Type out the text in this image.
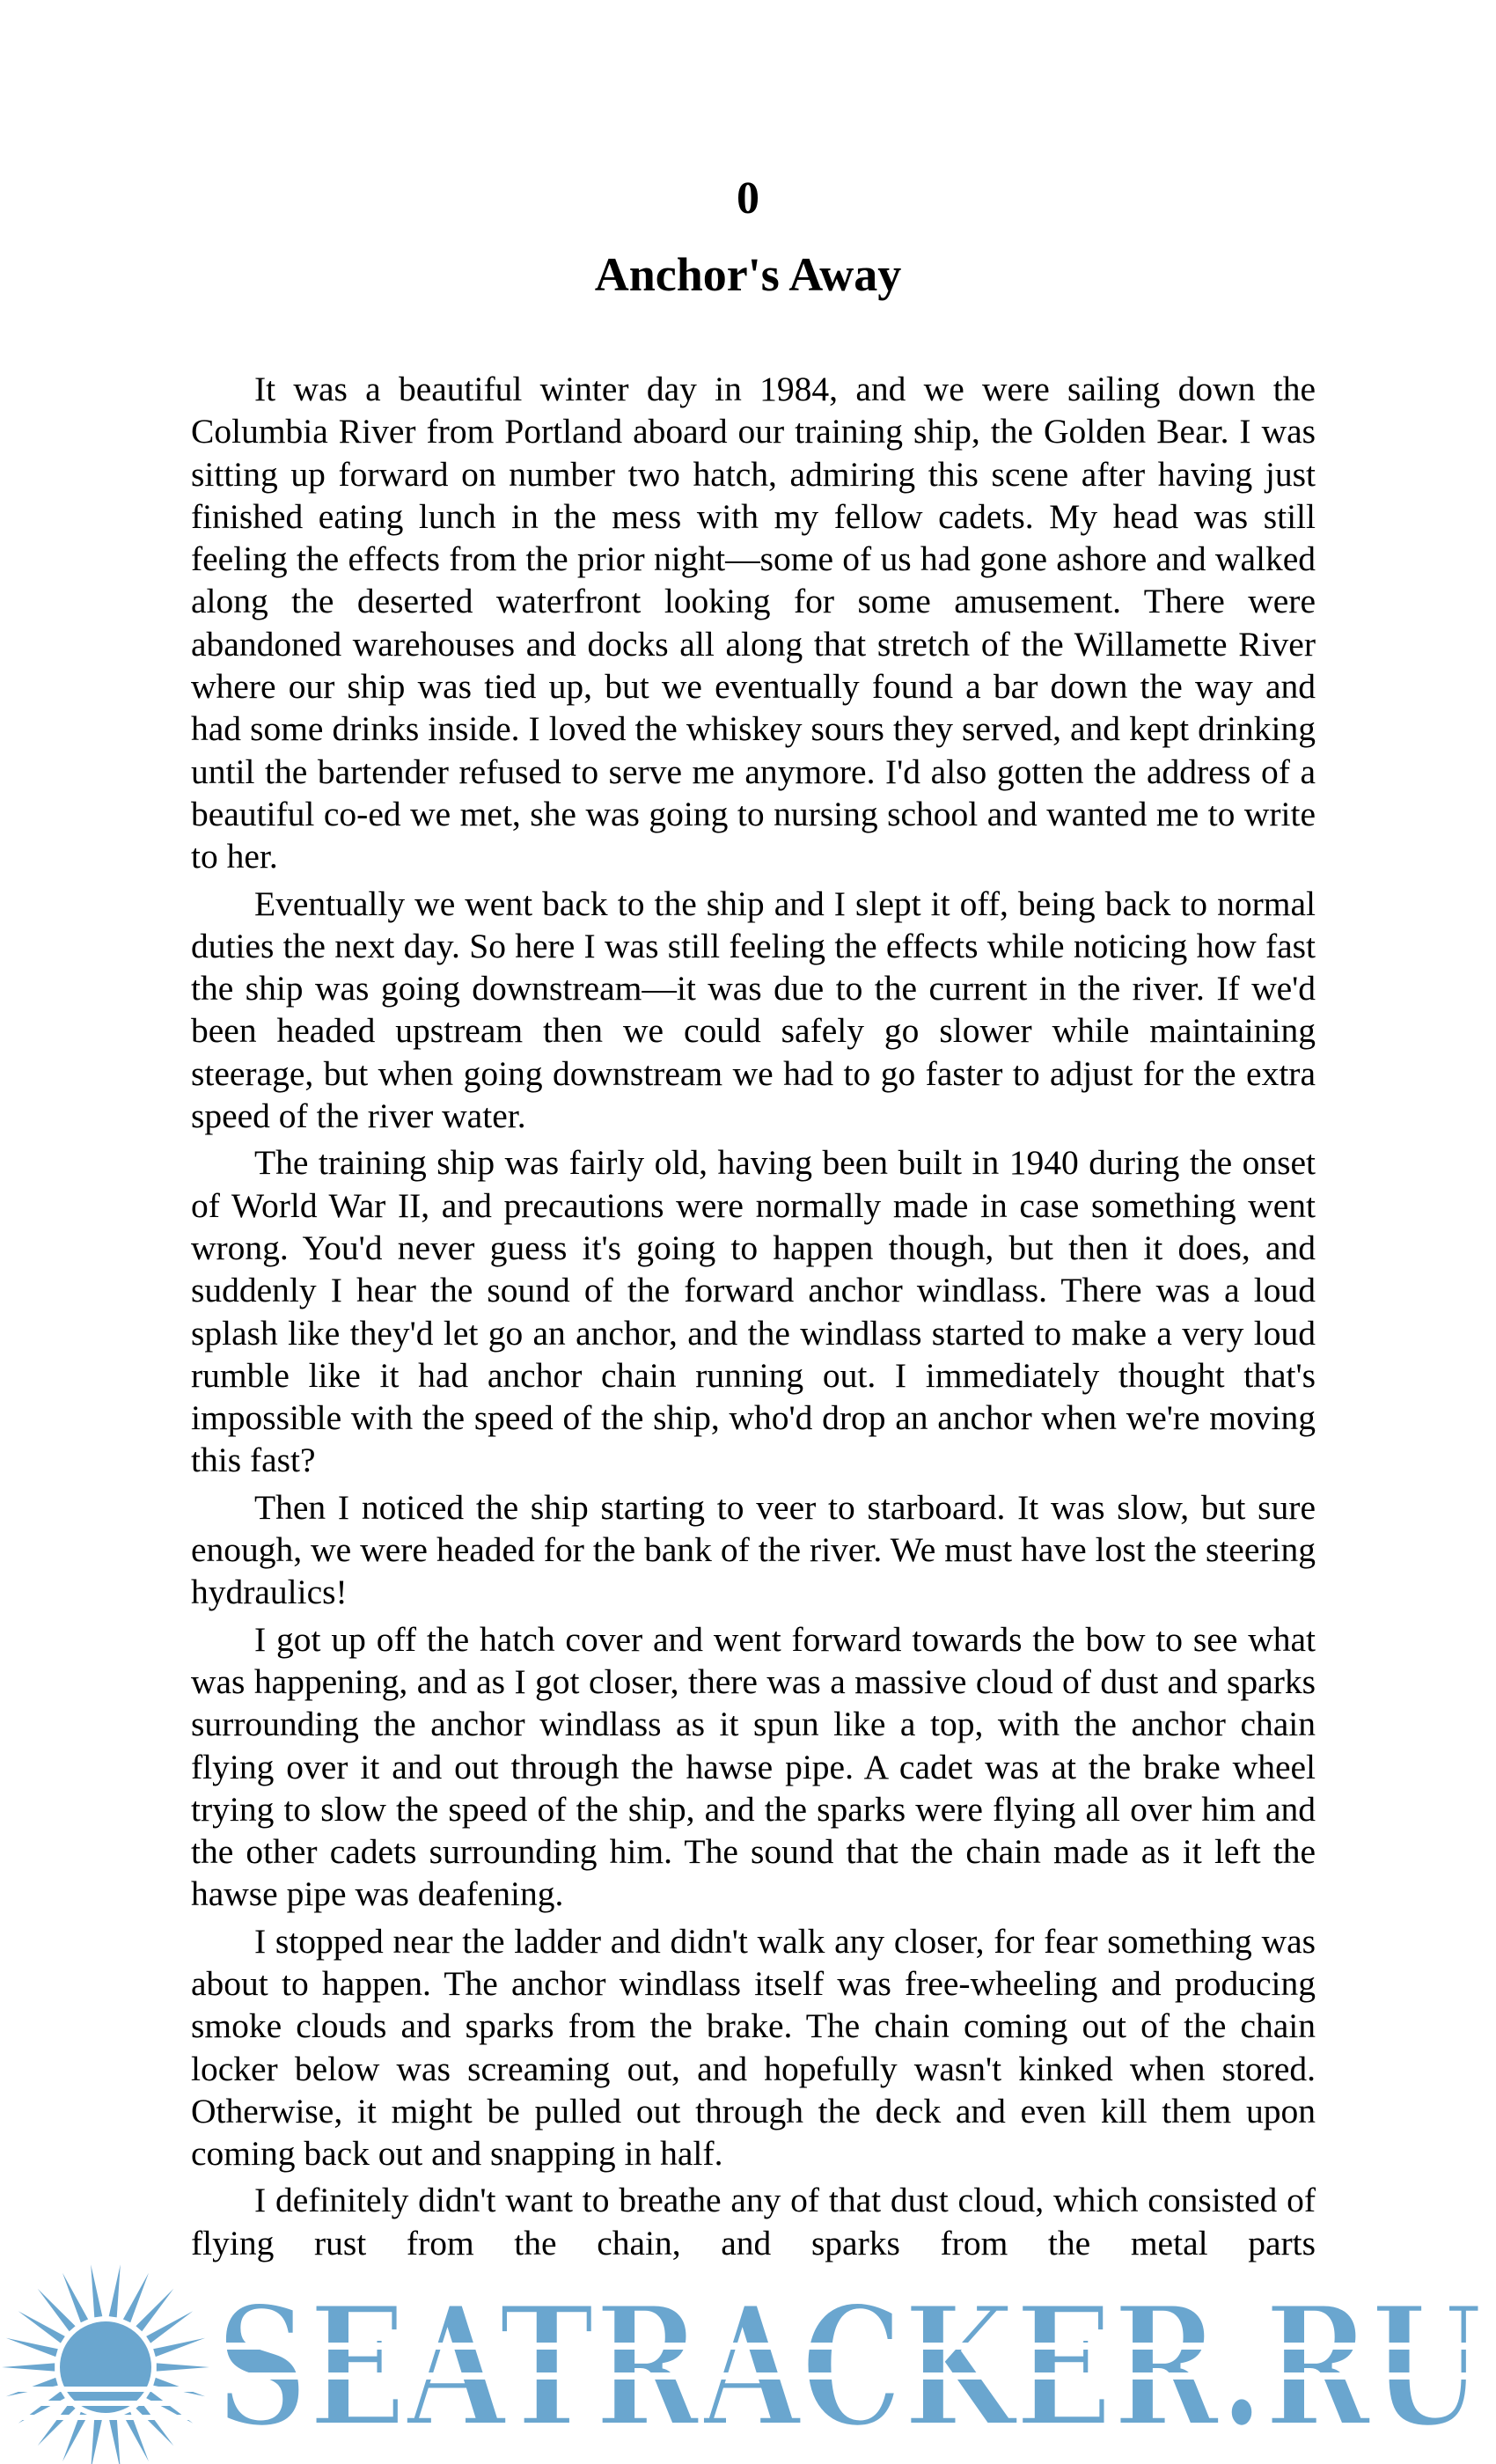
0
Anchor's Away

It was a beautiful winter day in 1984, and we were sailing down the Columbia River from Portland aboard our training ship, the Golden Bear. I was sitting up forward on number two hatch, admiring this scene after having just finished eating lunch in the mess with my fellow cadets. My head was still feeling the effects from the prior night—some of us had gone ashore and walked along the deserted waterfront looking for some amusement. There were abandoned warehouses and docks all along that stretch of the Willamette River where our ship was tied up, but we eventually found a bar down the way and had some drinks inside. I loved the whiskey sours they served, and kept drinking until the bartender refused to serve me anymore. I'd also gotten the address of a beautiful co-ed we met, she was going to nursing school and wanted me to write to her.

Eventually we went back to the ship and I slept it off, being back to normal duties the next day. So here I was still feeling the effects while noticing how fast the ship was going downstream—it was due to the current in the river. If we'd been headed upstream then we could safely go slower while maintaining steerage, but when going downstream we had to go faster to adjust for the extra speed of the river water.

The training ship was fairly old, having been built in 1940 during the onset of World War II, and precautions were normally made in case something went wrong. You'd never guess it's going to happen though, but then it does, and suddenly I hear the sound of the forward anchor windlass. There was a loud splash like they'd let go an anchor, and the windlass started to make a very loud rumble like it had anchor chain running out. I immediately thought that's impossible with the speed of the ship, who'd drop an anchor when we're moving this fast?

Then I noticed the ship starting to veer to starboard. It was slow, but sure enough, we were headed for the bank of the river. We must have lost the steering hydraulics!

I got up off the hatch cover and went forward towards the bow to see what was happening, and as I got closer, there was a massive cloud of dust and sparks surrounding the anchor windlass as it spun like a top, with the anchor chain flying over it and out through the hawse pipe. A cadet was at the brake wheel trying to slow the speed of the ship, and the sparks were flying all over him and the other cadets surrounding him. The sound that the chain made as it left the hawse pipe was deafening.

I stopped near the ladder and didn't walk any closer, for fear something was about to happen. The anchor windlass itself was free-wheeling and producing smoke clouds and sparks from the brake. The chain coming out of the chain locker below was screaming out, and hopefully wasn't kinked when stored. Otherwise, it might be pulled out through the deck and even kill them upon coming back out and snapping in half.

I definitely didn't want to breathe any of that dust cloud, which consisted of flying rust from the chain, and sparks from the metal parts

SEATRACKER.RU
